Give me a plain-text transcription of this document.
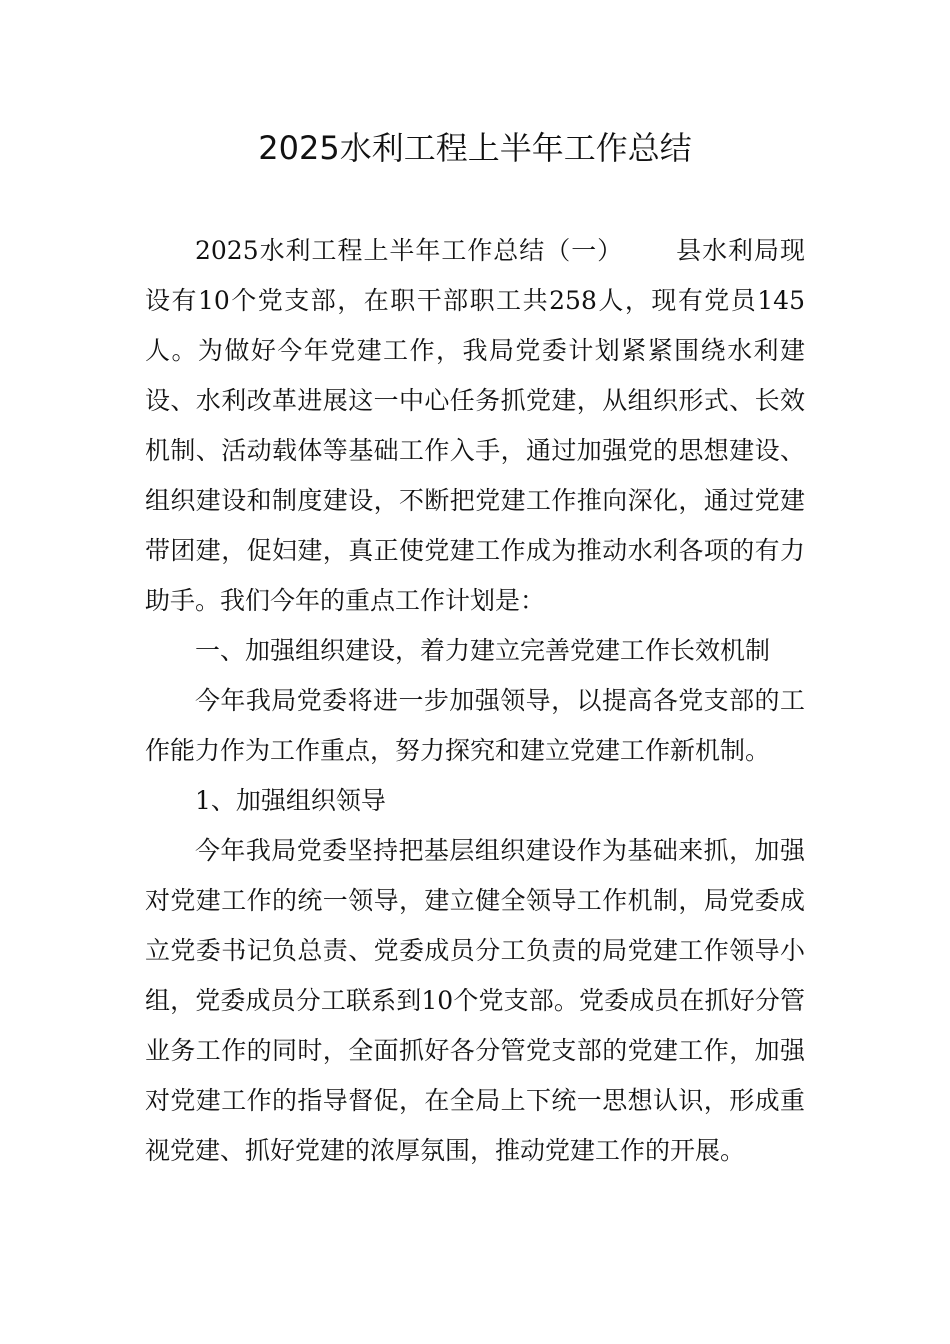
2025水利工程上半年工作总结

2025水利工程上半年工作总结（一） 县水利局现设有10个党支部，在职干部职工共258人，现有党员145人。为做好今年党建工作，我局党委计划紧紧围绕水利建设、水利改革进展这一中心任务抓党建，从组织形式、长效机制、活动载体等基础工作入手，通过加强党的思想建设、组织建设和制度建设，不断把党建工作推向深化，通过党建带团建，促妇建，真正使党建工作成为推动水利各项的有力助手。我们今年的重点工作计划是：

一、加强组织建设，着力建立完善党建工作长效机制

今年我局党委将进一步加强领导，以提高各党支部的工作能力作为工作重点，努力探究和建立党建工作新机制。

1、加强组织领导

今年我局党委坚持把基层组织建设作为基础来抓，加强对党建工作的统一领导，建立健全领导工作机制，局党委成立党委书记负总责、党委成员分工负责的局党建工作领导小组，党委成员分工联系到10个党支部。党委成员在抓好分管业务工作的同时，全面抓好各分管党支部的党建工作，加强对党建工作的指导督促，在全局上下统一思想认识，形成重视党建、抓好党建的浓厚氛围，推动党建工作的开展。
